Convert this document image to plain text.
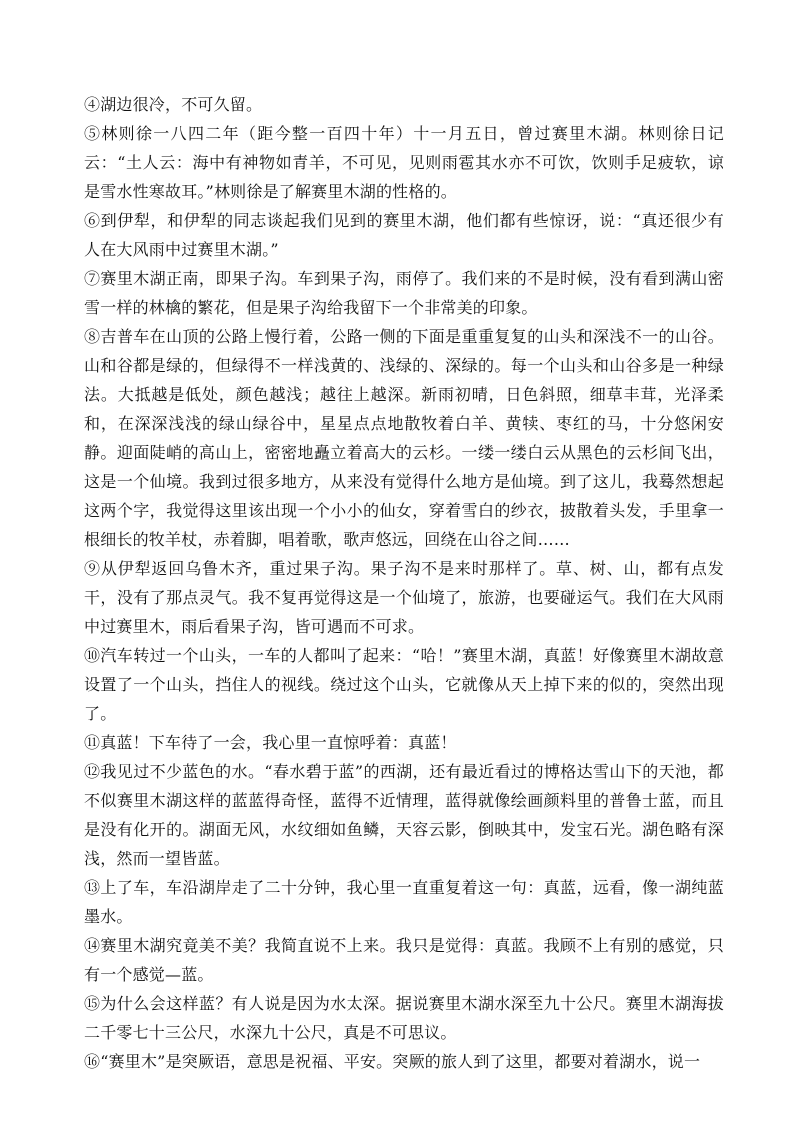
④湖边很冷，不可久留。

⑤林则徐一八四二年（距今整一百四十年）十一月五日，曾过赛里木湖。林则徐日记云：“土人云：海中有神物如青羊，不可见，见则雨雹其水亦不可饮，饮则手足疲软，谅是雪水性寒故耳。”林则徐是了解赛里木湖的性格的。

⑥到伊犁，和伊犁的同志谈起我们见到的赛里木湖，他们都有些惊讶，说：“真还很少有人在大风雨中过赛里木湖。”

⑦赛里木湖正南，即果子沟。车到果子沟，雨停了。我们来的不是时候，没有看到满山密雪一样的林檎的繁花，但是果子沟给我留下一个非常美的印象。

⑧吉普车在山顶的公路上慢行着，公路一侧的下面是重重复复的山头和深浅不一的山谷。山和谷都是绿的，但绿得不一样浅黄的、浅绿的、深绿的。每一个山头和山谷多是一种绿法。大抵越是低处，颜色越浅；越往上越深。新雨初晴，日色斜照，细草丰茸，光泽柔和，在深深浅浅的绿山绿谷中，星星点点地散牧着白羊、黄犊、枣红的马，十分悠闲安静。迎面陡峭的高山上，密密地矗立着高大的云杉。一缕一缕白云从黑色的云杉间飞出，这是一个仙境。我到过很多地方，从来没有觉得什么地方是仙境。到了这儿，我蓦然想起这两个字，我觉得这里该出现一个小小的仙女，穿着雪白的纱衣，披散着头发，手里拿一根细长的牧羊杖，赤着脚，唱着歌，歌声悠远，回绕在山谷之间……

⑨从伊犁返回乌鲁木齐，重过果子沟。果子沟不是来时那样了。草、树、山，都有点发干，没有了那点灵气。我不复再觉得这是一个仙境了，旅游，也要碰运气。我们在大风雨中过赛里木，雨后看果子沟，皆可遇而不可求。

⑩汽车转过一个山头，一车的人都叫了起来：“哈！”赛里木湖，真蓝！好像赛里木湖故意设置了一个山头，挡住人的视线。绕过这个山头，它就像从天上掉下来的似的，突然出现了。

⑪真蓝！下车待了一会，我心里一直惊呼着：真蓝！

⑫我见过不少蓝色的水。“春水碧于蓝”的西湖，还有最近看过的博格达雪山下的天池，都不似赛里木湖这样的蓝蓝得奇怪，蓝得不近情理，蓝得就像绘画颜料里的普鲁士蓝，而且是没有化开的。湖面无风，水纹细如鱼鳞，天容云影，倒映其中，发宝石光。湖色略有深浅，然而一望皆蓝。

⑬上了车，车沿湖岸走了二十分钟，我心里一直重复着这一句：真蓝，远看，像一湖纯蓝墨水。

⑭赛里木湖究竟美不美？我简直说不上来。我只是觉得：真蓝。我顾不上有别的感觉，只有一个感觉—蓝。

⑮为什么会这样蓝？有人说是因为水太深。据说赛里木湖水深至九十公尺。赛里木湖海拔二千零七十三公尺，水深九十公尺，真是不可思议。

⑯“赛里木”是突厥语，意思是祝福、平安。突厥的旅人到了这里，都要对着湖水，说一
